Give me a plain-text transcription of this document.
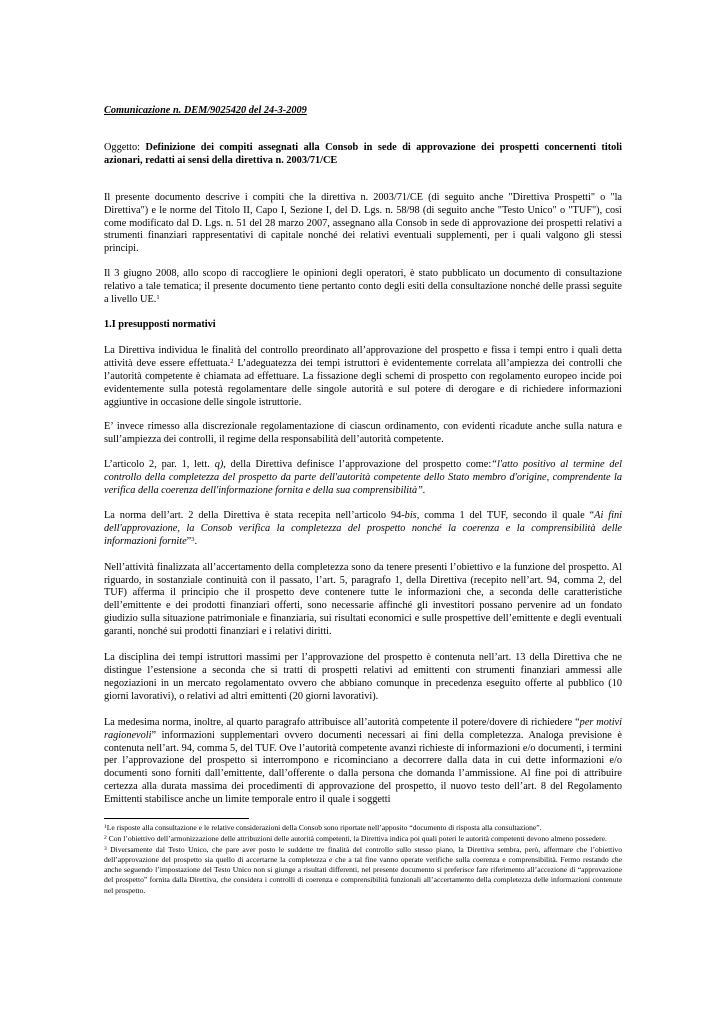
Comunicazione n. DEM/9025420 del 24-3-2009

Oggetto: Definizione dei compiti assegnati alla Consob in sede di approvazione dei prospetti concernenti titoli azionari, redatti ai sensi della direttiva n. 2003/71/CE

Il presente documento descrive i compiti che la direttiva n. 2003/71/CE (di seguito anche "Direttiva Prospetti" o "la Direttiva") e le norme del Titolo II, Capo I, Sezione I, del D. Lgs. n. 58/98 (di seguito anche "Testo Unico" o "TUF"), così come modificato dal D. Lgs. n. 51 del 28 marzo 2007, assegnano alla Consob in sede di approvazione dei prospetti relativi a strumenti finanziari rappresentativi di capitale nonché dei relativi eventuali supplementi, per i quali valgono gli stessi principi.

Il 3 giugno 2008, allo scopo di raccogliere le opinioni degli operatori, è stato pubblicato un documento di consultazione relativo a tale tematica; il presente documento tiene pertanto conto degli esiti della consultazione nonché delle prassi seguite a livello UE.$^1$

1.I presupposti normativi

La Direttiva individua le finalità del controllo preordinato all’approvazione del prospetto e fissa i tempi entro i quali detta attività deve essere effettuata.$^2$ L’adeguatezza dei tempi istruttori è evidentemente correlata all’ampiezza dei controlli che l’autorità competente è chiamata ad effettuare. La fissazione degli schemi di prospetto con regolamento europeo incide poi evidentemente sulla potestà regolamentare delle singole autorità e sul potere di derogare e di richiedere informazioni aggiuntive in occasione delle singole istruttorie.

E’ invece rimesso alla discrezionale regolamentazione di ciascun ordinamento, con evidenti ricadute anche sulla natura e sull’ampiezza dei controlli, il regime della responsabilità dell’autorità competente.

L’articolo 2, par. 1, lett. q), della Direttiva definisce l’approvazione del prospetto come:“l'atto positivo al termine del controllo della completezza del prospetto da parte dell'autorità competente dello Stato membro d'origine, comprendente la verifica della coerenza dell'informazione fornita e della sua comprensibilità”.

La norma dell’art. 2 della Direttiva è stata recepita nell’articolo 94-bis, comma 1 del TUF, secondo il quale “Ai fini dell'approvazione, la Consob verifica la completezza del prospetto nonché la coerenza e la comprensibilità delle informazioni fornite”$^3$.

Nell’attività finalizzata all’accertamento della completezza sono da tenere presenti l’obiettivo e la funzione del prospetto. Al riguardo, in sostanziale continuità con il passato, l’art. 5, paragrafo 1, della Direttiva (recepito nell’art. 94, comma 2, del TUF) afferma il principio che il prospetto deve contenere tutte le informazioni che, a seconda delle caratteristiche dell’emittente e dei prodotti finanziari offerti, sono necessarie affinché gli investitori possano pervenire ad un fondato giudizio sulla situazione patrimoniale e finanziaria, sui risultati economici e sulle prospettive dell’emittente e degli eventuali garanti, nonché sui prodotti finanziari e i relativi diritti.

La disciplina dei tempi istruttori massimi per l’approvazione del prospetto è contenuta nell’art. 13 della Direttiva che ne distingue l’estensione a seconda che si tratti di prospetti relativi ad emittenti con strumenti finanziari ammessi alle negoziazioni in un mercato regolamentato ovvero che abbiano comunque in precedenza eseguito offerte al pubblico (10 giorni lavorativi), o relativi ad altri emittenti (20 giorni lavorativi).

La medesima norma, inoltre, al quarto paragrafo attribuisce all’autorità competente il potere/dovere di richiedere “per motivi ragionevoli” informazioni supplementari ovvero documenti necessari ai fini della completezza. Analoga previsione è contenuta nell’art. 94, comma 5, del TUF. Ove l’autorità competente avanzi richieste di informazioni e/o documenti, i termini per l’approvazione del prospetto si interrompono e ricominciano a decorrere dalla data in cui dette informazioni e/o documenti sono forniti dall’emittente, dall’offerente o dalla persona che domanda l’ammissione. Al fine poi di attribuire certezza alla durata massima dei procedimenti di approvazione del prospetto, il nuovo testo dell’art. 8 del Regolamento Emittenti stabilisce anche un limite temporale entro il quale i soggetti

$^1$Le risposte alla consultazione e le relative considerazioni della Consob sono riportate nell’apposito “documento di risposta alla consultazione”.

$^2$ Con l’obiettivo dell’armonizzazione delle attribuzioni delle autorità competenti, la Direttiva indica poi quali poteri le autorità competenti devono almeno possedere.

$^3$ Diversamente dal Testo Unico, che pare aver posto le suddette tre finalità del controllo sullo stesso piano, la Direttiva sembra, però, affermare che l’obiettivo dell’approvazione del prospetto sia quello di accertarne la completezza e che a tal fine vanno operate verifiche sulla coerenza e comprensibilità. Fermo restando che anche seguendo l’impostazione del Testo Unico non si giunge a risultati differenti, nel presente documento si preferisce fare riferimento all’accezione di “approvazione del prospetto” fornita dalla Direttiva, che considera i controlli di coerenza e comprensibilità funzionali all’accertamento della completezza delle informazioni contenute nel prospetto.
